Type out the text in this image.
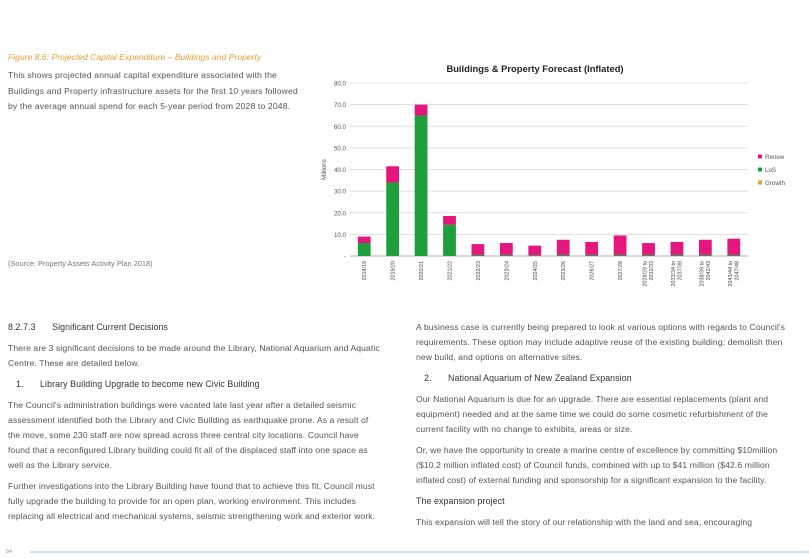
Figure 8.6: Projected Capital Expenditure – Buildings and Property
This shows projected annual capital expenditure associated with the Buildings and Property infrastructure assets for the first 10 years followed by the average annual spend for each 5-year period from 2028 to 2048.
(Source: Property Assets Activity Plan 2018)
Buildings & Property Forecast (Inflated)
80.0
70.0
60.0
50.0
40.0
30.0
20.0
10.0
-
Millions
2018/19	2019/20	2020/21	2021/22	2022/23	2023/24	2024/25	2025/26	2026/27	2027/28	2028/29 to2032/33	2033/34 to2037/38	2038/39 to2042/43	2043/44 to2047/48
Renew
LoS
Growth
8.2.7.3 Significant Current Decisions
There are 3 significant decisions to be made around the Library, National Aquarium and Aquatic Centre. These are detailed below.
1. Library Building Upgrade to become new Civic Building
The Council's administration buildings were vacated late last year after a detailed seismic assessment identified both the Library and Civic Building as earthquake prone. As a result of the move, some 230 staff are now spread across three central city locations. Council have found that a reconfigured Library building could fit all of the displaced staff into one space as well as the Library service.
Further investigations into the Library Building have found that to achieve this fit, Council must fully upgrade the building to provide for an open plan, working environment. This includes replacing all electrical and mechanical systems, seismic strengthening work and exterior work.
A business case is currently being prepared to look at various options with regards to Council's requirements. These option may include adaptive reuse of the existing building; demolish then new build, and options on alternative sites.
2. National Aquarium of New Zealand Expansion
Our National Aquarium is due for an upgrade. There are essential replacements (plant and equipment) needed and at the same time we could do some cosmetic refurbishment of the current facility with no change to exhibits, areas or size.
Or, we have the opportunity to create a marine centre of excellence by committing $10million ($10.2 million inflated cost) of Council funds, combined with up to $41 million ($42.6 million inflated cost) of external funding and sponsorship for a significant expansion to the facility.
The expansion project
This expansion will tell the story of our relationship with the land and sea, encouraging
84
